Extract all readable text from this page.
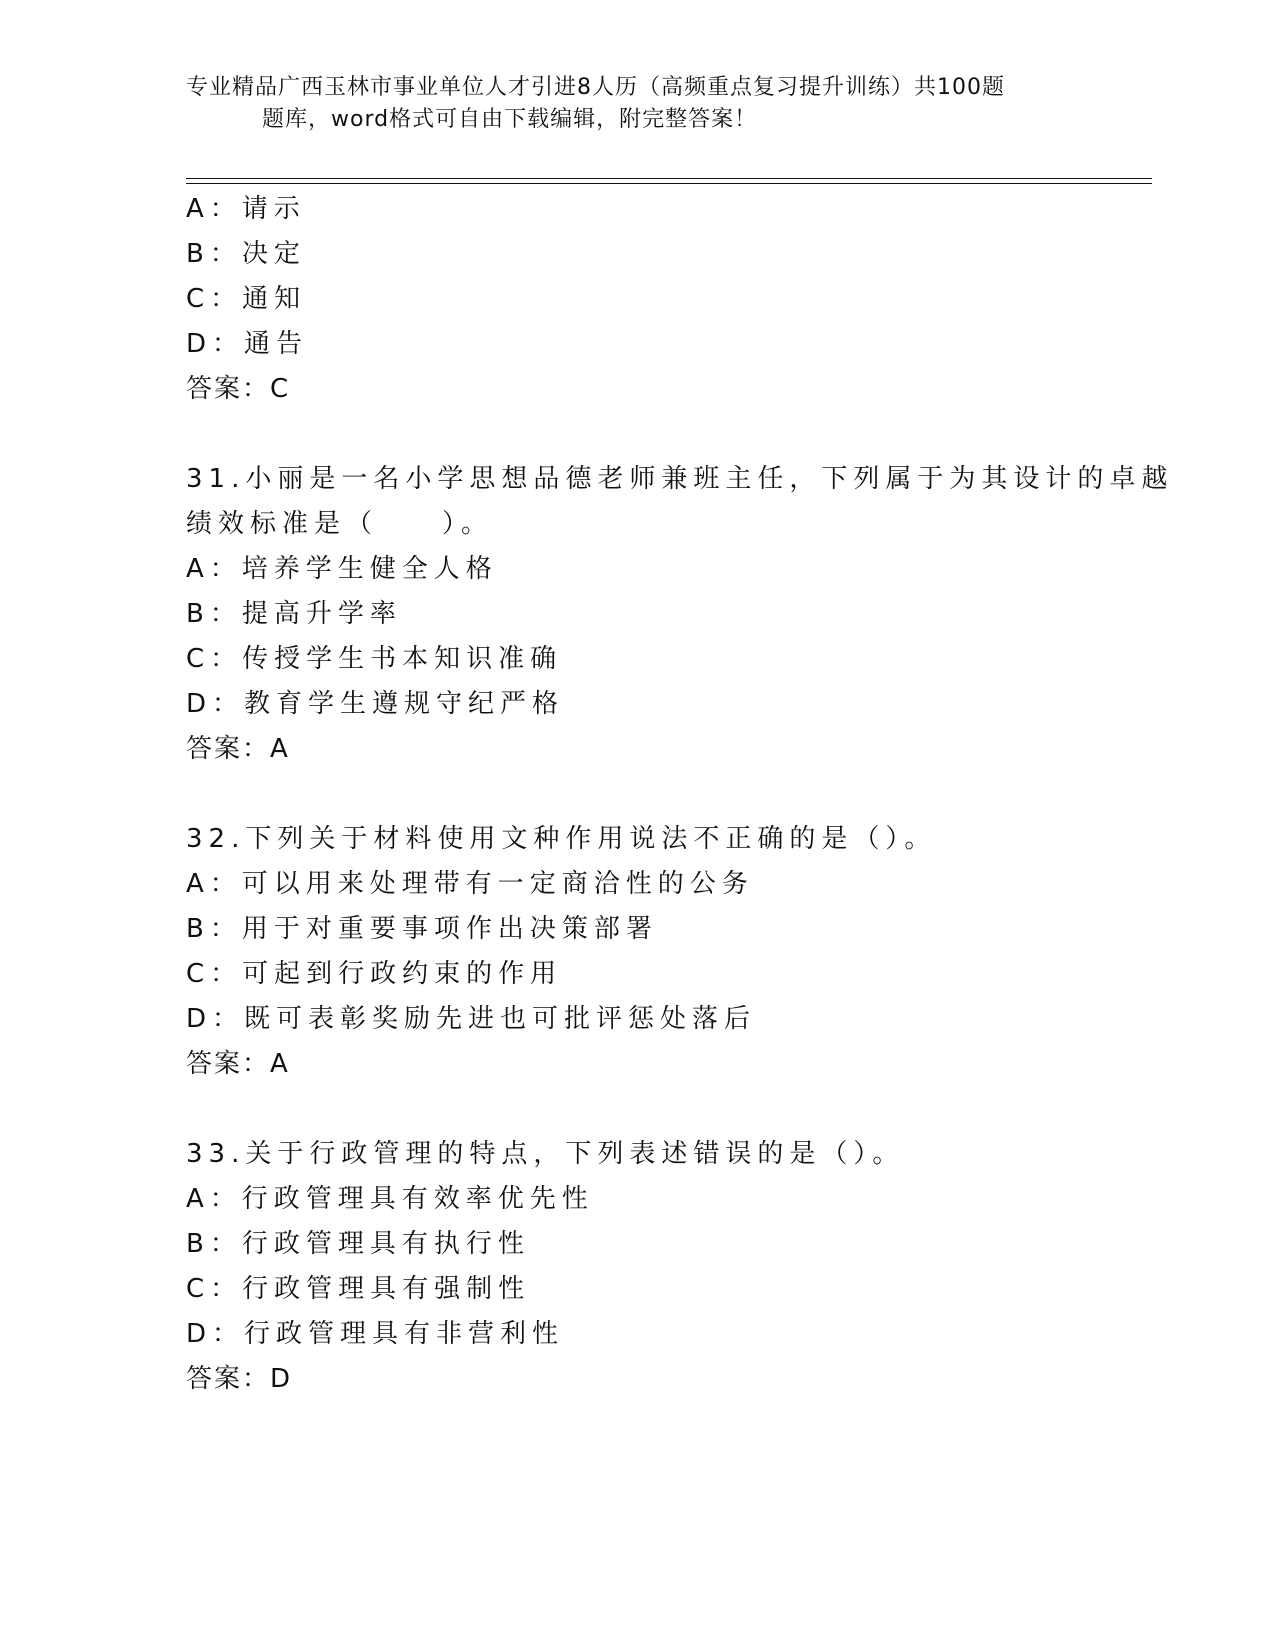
专业精品广西玉林市事业单位人才引进8人历（高频重点复习提升训练）共100题
题库，word格式可自由下载编辑，附完整答案！
A：请示
B：决定
C：通知
D：通告
答案：C
31.小丽是一名小学思想品德老师兼班主任，下列属于为其设计的卓越
绩效标准是（　　）。
A：培养学生健全人格
B：提高升学率
C：传授学生书本知识准确
D：教育学生遵规守纪严格
答案：A
32.下列关于材料使用文种作用说法不正确的是（）。
A：可以用来处理带有一定商洽性的公务
B：用于对重要事项作出决策部署
C：可起到行政约束的作用
D：既可表彰奖励先进也可批评惩处落后
答案：A
33.关于行政管理的特点，下列表述错误的是（）。
A：行政管理具有效率优先性
B：行政管理具有执行性
C：行政管理具有强制性
D：行政管理具有非营利性
答案：D
